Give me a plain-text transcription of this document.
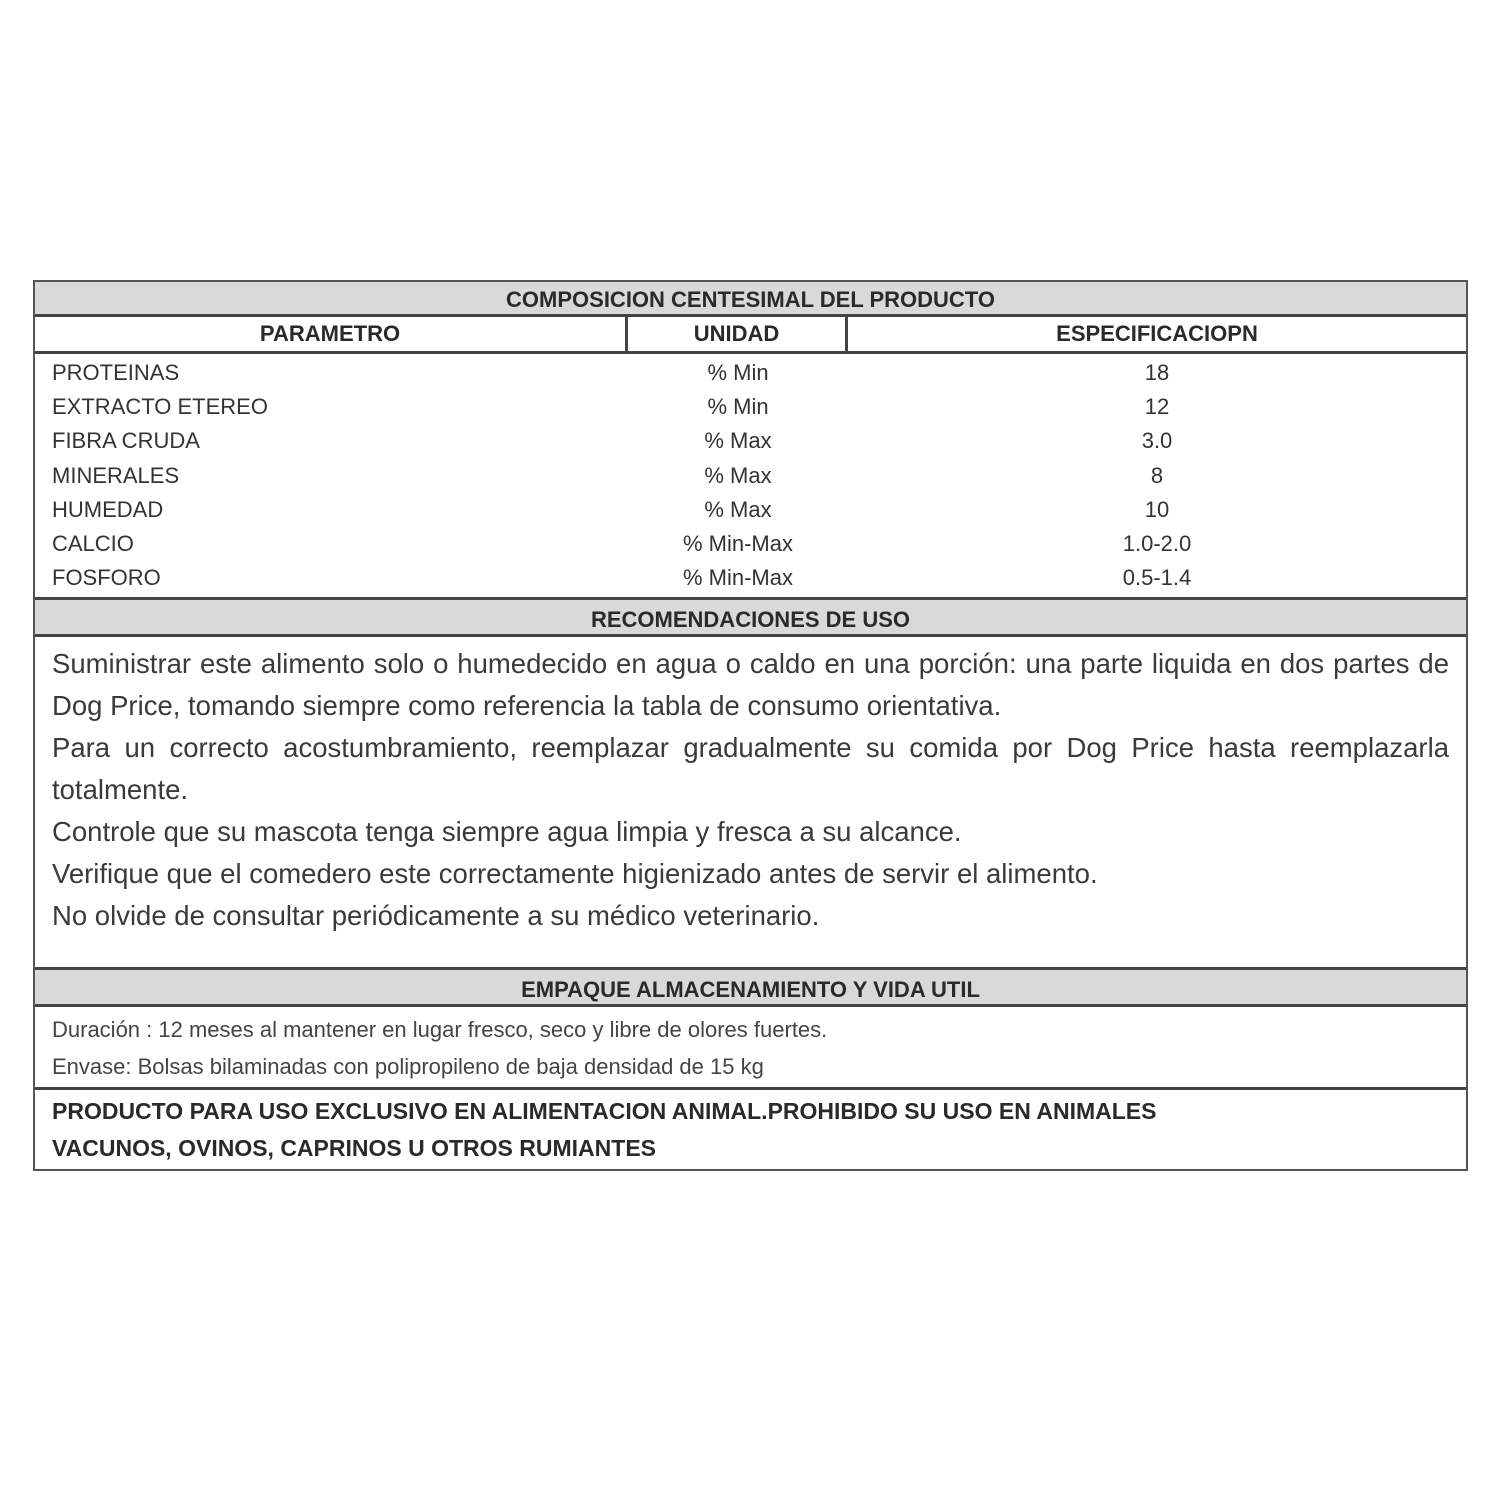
COMPOSICION CENTESIMAL DEL PRODUCTO
PARAMETRO	UNIDAD	ESPECIFICACIOPN
PROTEINAS	% Min	18
EXTRACTO ETEREO	% Min	12
FIBRA CRUDA	% Max	3.0
MINERALES	% Max	8
HUMEDAD	% Max	10
CALCIO	% Min-Max	1.0-2.0
FOSFORO	% Min-Max	0.5-1.4
RECOMENDACIONES DE USO

Suministrar este alimento solo o humedecido en agua o caldo en una porción: una parte liquida en dos partes de Dog Price, tomando siempre como referencia la tabla de consumo orientativa.

Para un correcto acostumbramiento, reemplazar gradualmente su comida por Dog Price hasta reemplazarla totalmente.

Controle que su mascota tenga siempre agua limpia y fresca a su alcance.

Verifique que el comedero este correctamente higienizado antes de servir el alimento.

No olvide de consultar periódicamente a su médico veterinario.

EMPAQUE ALMACENAMIENTO Y VIDA UTIL

Duración : 12 meses al mantener en lugar fresco, seco y libre de olores fuertes.

Envase: Bolsas bilaminadas con polipropileno de baja densidad de 15 kg

PRODUCTO PARA USO EXCLUSIVO EN ALIMENTACION ANIMAL.PROHIBIDO SU USO EN ANIMALES

VACUNOS, OVINOS, CAPRINOS U OTROS RUMIANTES
